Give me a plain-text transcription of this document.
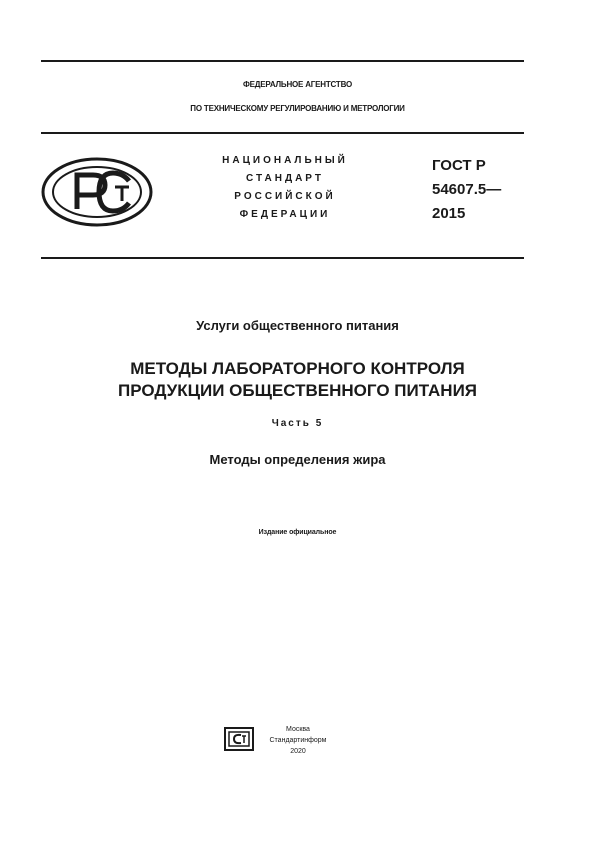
ФЕДЕРАЛЬНОЕ АГЕНТСТВО
ПО ТЕХНИЧЕСКОМУ РЕГУЛИРОВАНИЮ И МЕТРОЛОГИИ
НАЦИОНАЛЬНЫЙ
СТАНДАРТ
РОССИЙСКОЙ
ФЕДЕРАЦИИ
ГОСТ Р
54607.5—
2015
Услуги общественного питания
МЕТОДЫ ЛАБОРАТОРНОГО КОНТРОЛЯ
ПРОДУКЦИИ ОБЩЕСТВЕННОГО ПИТАНИЯ
Часть 5
Методы определения жира
Издание официальное
Москва
Стандартинформ
2020
